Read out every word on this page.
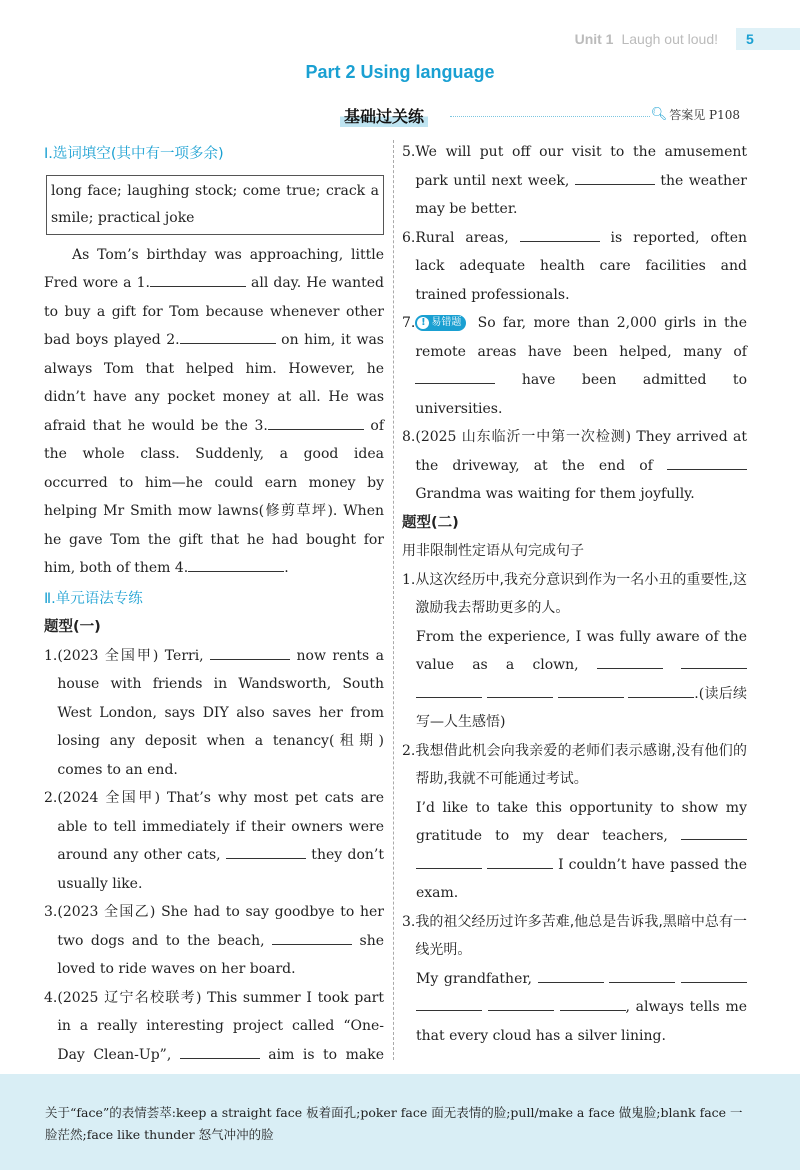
Unit 1 Laugh out loud!	5
Part 2 Using language
基础过关练	🔍︎ 答案见 P108
Ⅰ.选词填空(其中有一项多余)
long face; laughing stock; come true; crack a smile; practical joke

As Tom’s birthday was approaching, little Fred wore a 1.	all day. He wanted to buy a gift for Tom because whenever other bad boys played 2.	on him, it was always Tom that helped him. However, he didn’t have any pocket money at all. He was afraid that he would be the 3.	of the whole class. Suddenly, a good idea occurred to him—he could earn money by helping Mr Smith mow lawns(修剪草坪). When he gave Tom the gift that he had bought for him, both of them 4.	.

Ⅱ.单元语法专练
题型(一)
1. (2023 全国甲) Terri,	now rents a house with friends in Wandsworth, South West London, says DIY also saves her from losing any deposit when a tenancy(租期) comes to an end.
2. (2024 全国甲) That’s why most pet cats are able to tell immediately if their owners were around any other cats,	they don’t usually like.
3. (2023 全国乙) She had to say goodbye to her two dogs and to the beach,	she loved to ride waves on her board.
4. (2025 辽宁名校联考) This summer I took part in a really interesting project called “One-Day Clean-Up”,	aim is to make
5. We will put off our visit to the amusement park until next week,	the weather may be better.
6. Rural areas,	is reported, often lack adequate health care facilities and trained professionals.
7. ! 易错题 So far, more than 2,000 girls in the remote areas have been helped, many of  have been admitted to universities.
8. (2025 山东临沂一中第一次检测) They arrived at the driveway, at the end of  Grandma was waiting for them joyfully.
题型(二)
用非限制性定语从句完成句子
1. 从这次经历中,我充分意识到作为一名小丑的重要性,这激励我去帮助更多的人。
From the experience, I was fully aware of the value as a clown,      .(读后续写—人生感悟)
2. 我想借此机会向我亲爱的老师们表示感谢,没有他们的帮助,我就不可能通过考试。
I’d like to take this opportunity to show my gratitude to my dear teachers,    I couldn’t have passed the exam.
3. 我的祖父经历过许多苦难,他总是告诉我,黑暗中总有一线光明。
My grandfather,      , always tells me that every cloud has a silver lining.
关于“face”的表情荟萃:keep a straight face 板着面孔;poker face 面无表情的脸;pull/make a face 做鬼脸;blank face 一脸茫然;face like thunder 怒气冲冲的脸
